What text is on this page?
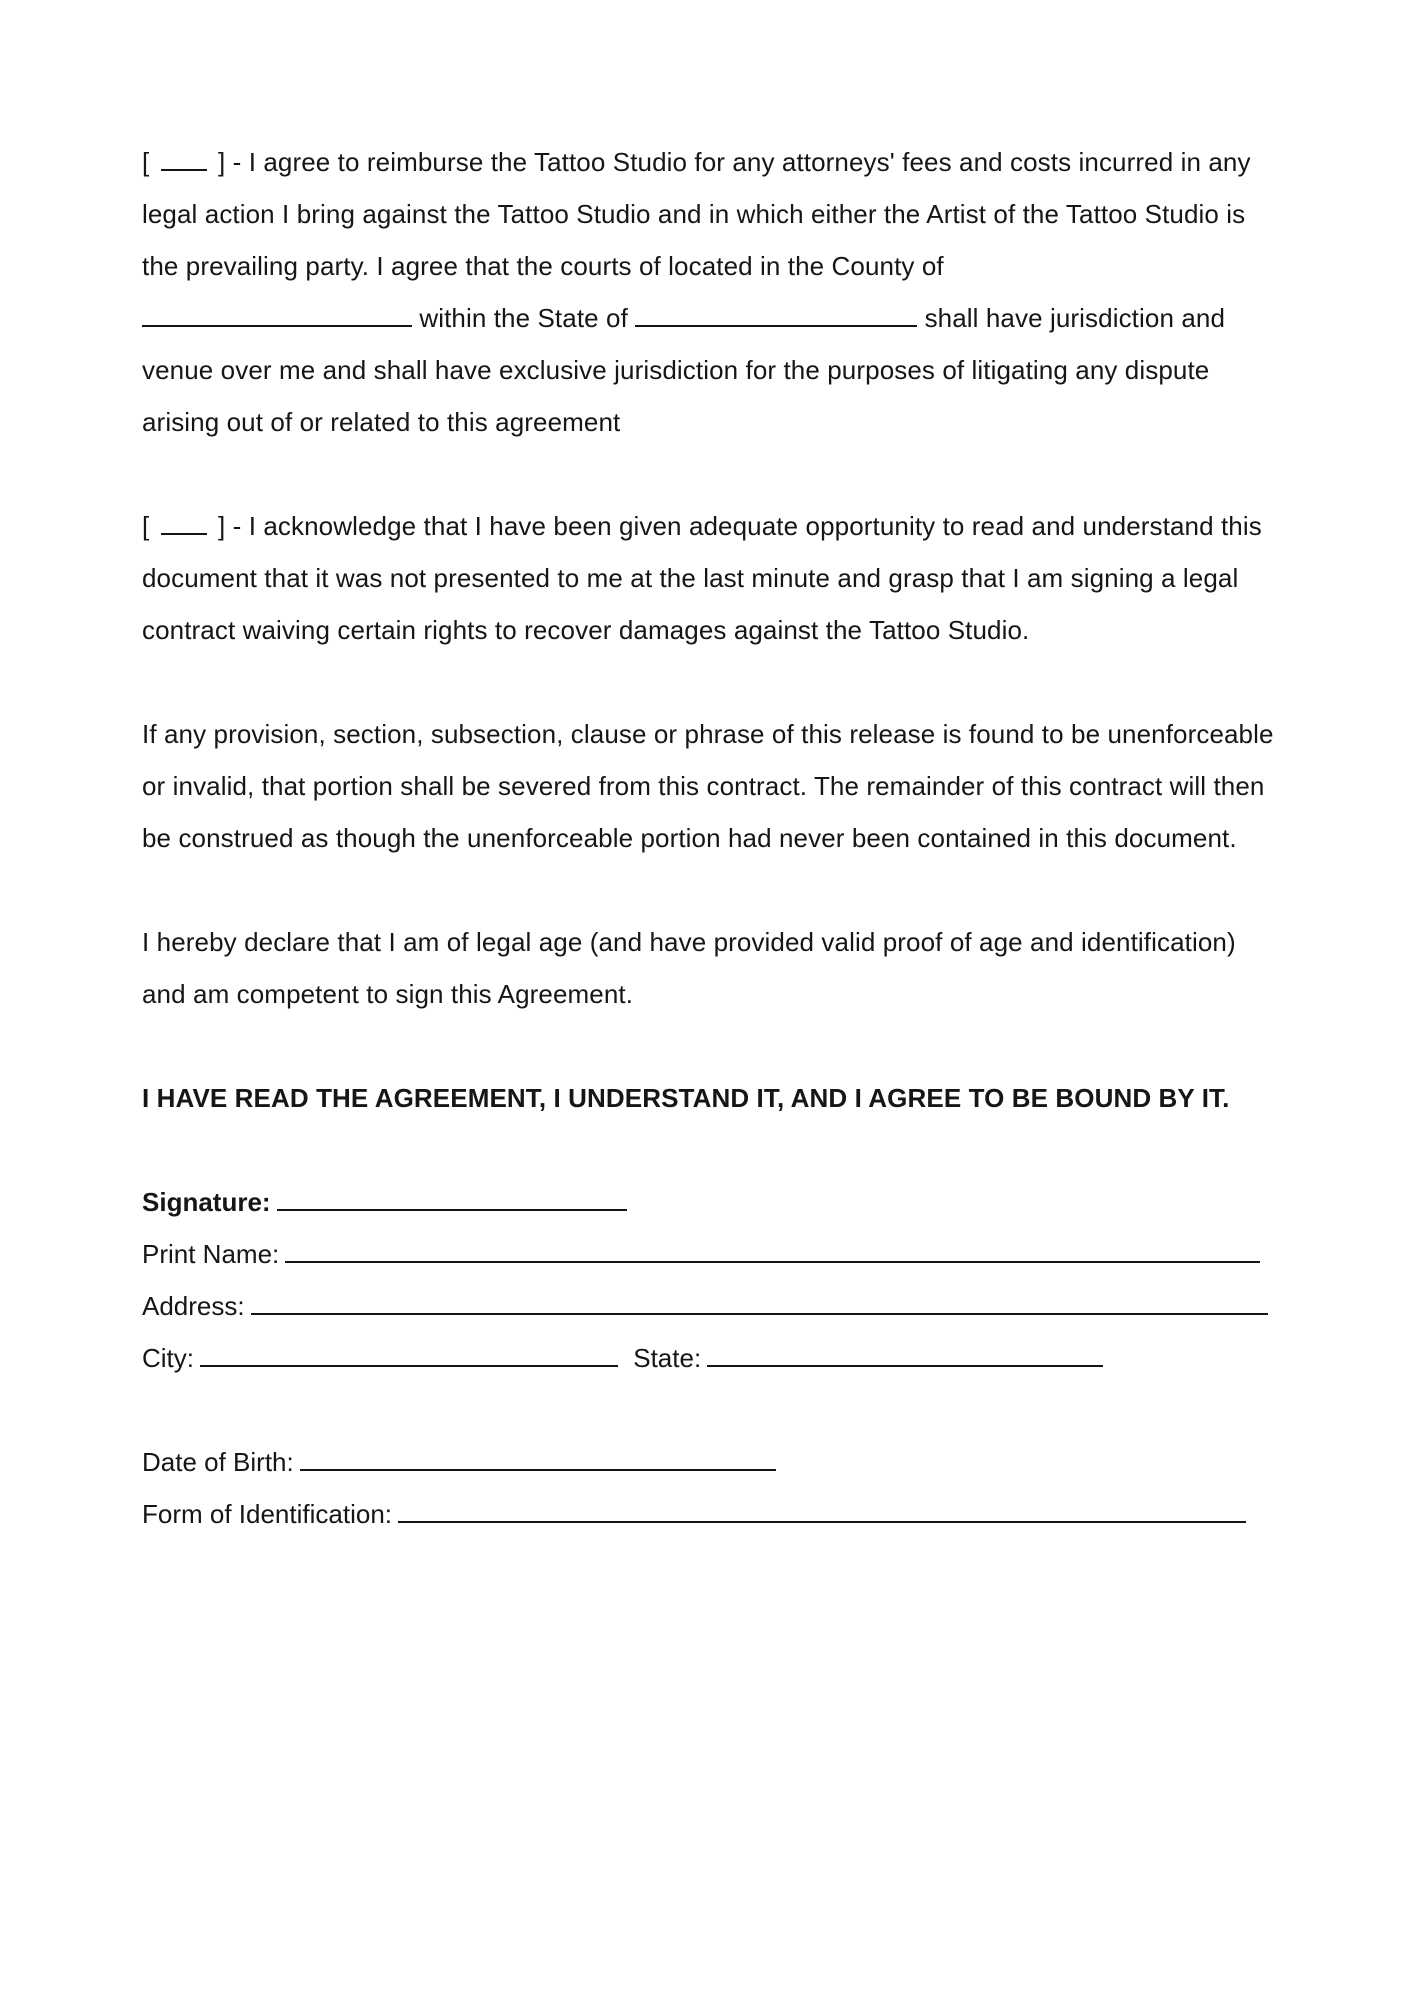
[	] - I agree to reimburse the Tattoo Studio for any attorneys' fees and costs incurred in any legal action I bring against the Tattoo Studio and in which either the Artist of the Tattoo Studio is the prevailing party. I agree that the courts of located in the County of
within the State of	shall have jurisdiction and venue over me and shall have exclusive jurisdiction for the purposes of litigating any dispute arising out of or related to this agreement

[	] - I acknowledge that I have been given adequate opportunity to read and understand this document that it was not presented to me at the last minute and grasp that I am signing a legal contract waiving certain rights to recover damages against the Tattoo Studio.

If any provision, section, subsection, clause or phrase of this release is found to be unenforceable or invalid, that portion shall be severed from this contract. The remainder of this contract will then be construed as though the unenforceable portion had never been contained in this document.

I hereby declare that I am of legal age (and have provided valid proof of age and identification) and am competent to sign this Agreement.

I HAVE READ THE AGREEMENT, I UNDERSTAND IT, AND I AGREE TO BE BOUND BY IT.

Signature:
Print Name:
Address:
City:	State:
Date of Birth:
Form of Identification:
